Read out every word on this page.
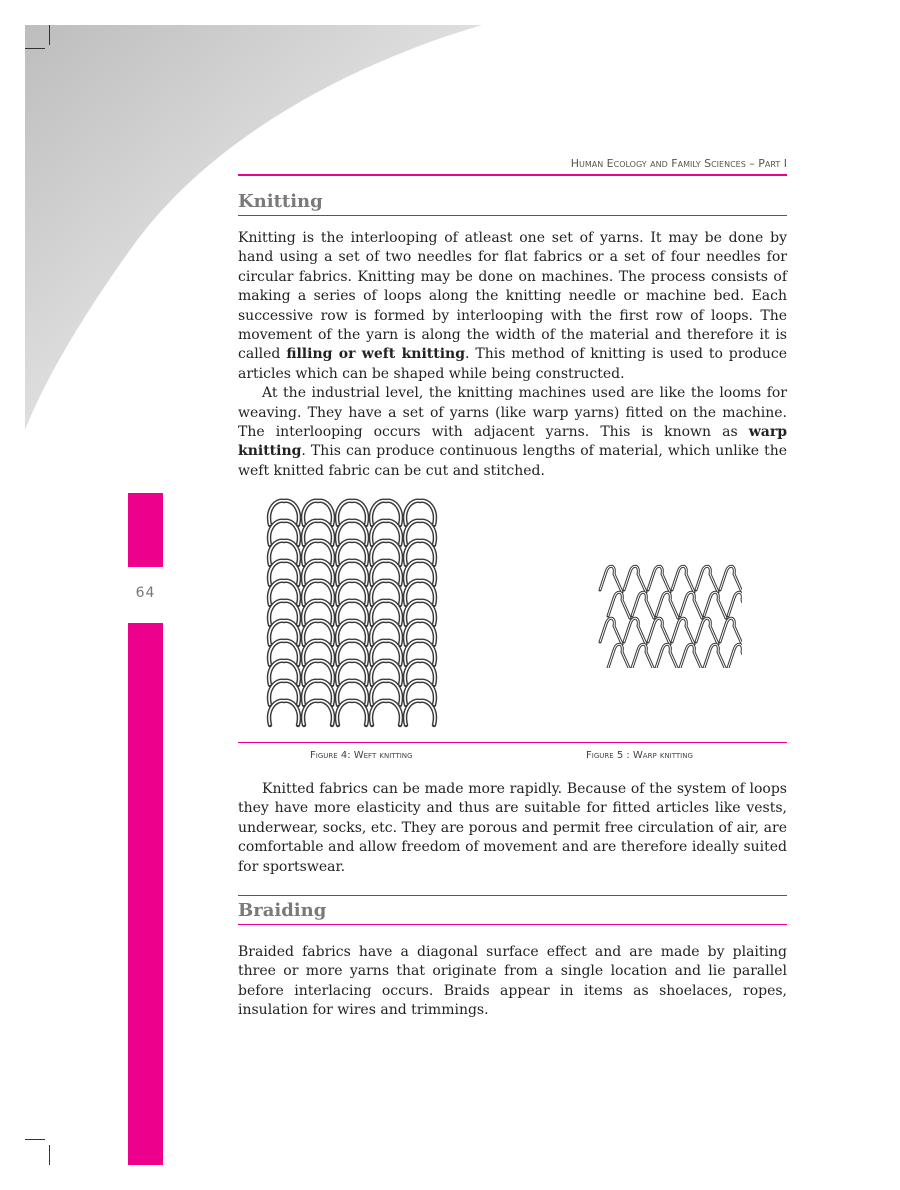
64
Human Ecology and Family Sciences – Part I
Knitting

Knitting is the interlooping of atleast one set of yarns. It may be done by hand using a set of two needles for flat fabrics or a set of four needles for circular fabrics. Knitting may be done on machines. The process consists of making a series of loops along the knitting needle or machine bed. Each successive row is formed by interlooping with the first row of loops. The movement of the yarn is along the width of the material and therefore it is called filling or weft knitting. This method of knitting is used to produce articles which can be shaped while being constructed.

At the industrial level, the knitting machines used are like the looms for weaving. They have a set of yarns (like warp yarns) fitted on the machine. The interlooping occurs with adjacent yarns. This is known as warp knitting. This can produce continuous lengths of material, which unlike the weft knitted fabric can be cut and stitched.

Figure 4: Weft knitting	Figure 5 : Warp knitting

Knitted fabrics can be made more rapidly. Because of the system of loops they have more elasticity and thus are suitable for fitted articles like vests, underwear, socks, etc. They are porous and permit free circulation of air, are comfortable and allow freedom of movement and are therefore ideally suited for sportswear.

Braiding

Braided fabrics have a diagonal surface effect and are made by plaiting three or more yarns that originate from a single location and lie parallel before interlacing occurs. Braids appear in items as shoelaces, ropes, insulation for wires and trimmings.
